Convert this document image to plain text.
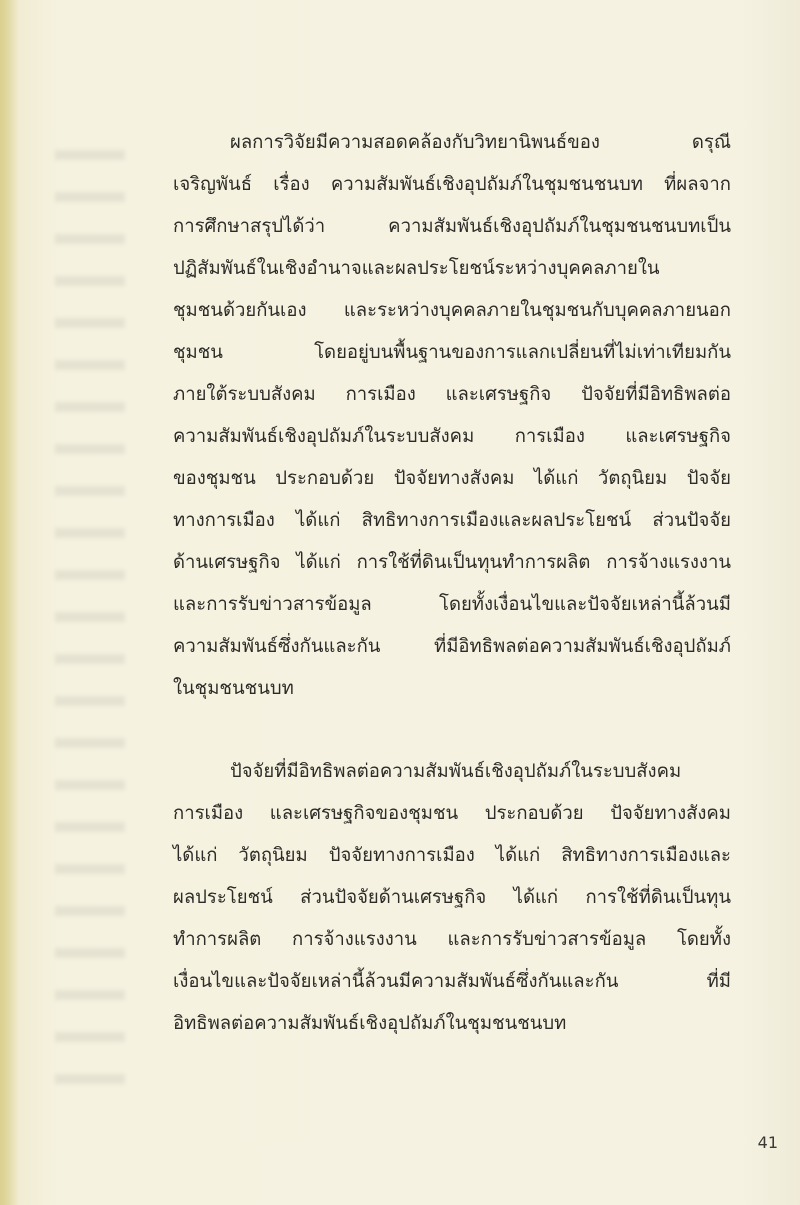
ผลการวิจัยมีความสอดคล้องกับวิทยานิพนธ์ของ ดรุณี
เจริญพันธ์ เรื่อง ความสัมพันธ์เชิงอุปถัมภ์ในชุมชนชนบท ที่ผลจาก
การศึกษาสรุปได้ว่า ความสัมพันธ์เชิงอุปถัมภ์ในชุมชนชนบทเป็น
ปฏิสัมพันธ์ในเชิงอำนาจและผลประโยชน์ระหว่างบุคคลภายใน
ชุมชนด้วยกันเอง และระหว่างบุคคลภายในชุมชนกับบุคคลภายนอก
ชุมชน โดยอยู่บนพื้นฐานของการแลกเปลี่ยนที่ไม่เท่าเทียมกัน
ภายใต้ระบบสังคม การเมือง และเศรษฐกิจ ปัจจัยที่มีอิทธิพลต่อ
ความสัมพันธ์เชิงอุปถัมภ์ในระบบสังคม การเมือง และเศรษฐกิจ
ของชุมชน ประกอบด้วย ปัจจัยทางสังคม ได้แก่ วัตถุนิยม ปัจจัย
ทางการเมือง ได้แก่ สิทธิทางการเมืองและผลประโยชน์ ส่วนปัจจัย
ด้านเศรษฐกิจ ได้แก่ การใช้ที่ดินเป็นทุนทำการผลิต การจ้างแรงงาน
และการรับข่าวสารข้อมูล โดยทั้งเงื่อนไขและปัจจัยเหล่านี้ล้วนมี
ความสัมพันธ์ซึ่งกันและกัน ที่มีอิทธิพลต่อความสัมพันธ์เชิงอุปถัมภ์
ในชุมชนชนบท
ปัจจัยที่มีอิทธิพลต่อความสัมพันธ์เชิงอุปถัมภ์ในระบบสังคม
การเมือง และเศรษฐกิจของชุมชน ประกอบด้วย ปัจจัยทางสังคม
ได้แก่ วัตถุนิยม ปัจจัยทางการเมือง ได้แก่ สิทธิทางการเมืองและ
ผลประโยชน์ ส่วนปัจจัยด้านเศรษฐกิจ ได้แก่ การใช้ที่ดินเป็นทุน
ทำการผลิต การจ้างแรงงาน และการรับข่าวสารข้อมูล โดยทั้ง
เงื่อนไขและปัจจัยเหล่านี้ล้วนมีความสัมพันธ์ซึ่งกันและกัน ที่มี
อิทธิพลต่อความสัมพันธ์เชิงอุปถัมภ์ในชุมชนชนบท
41
